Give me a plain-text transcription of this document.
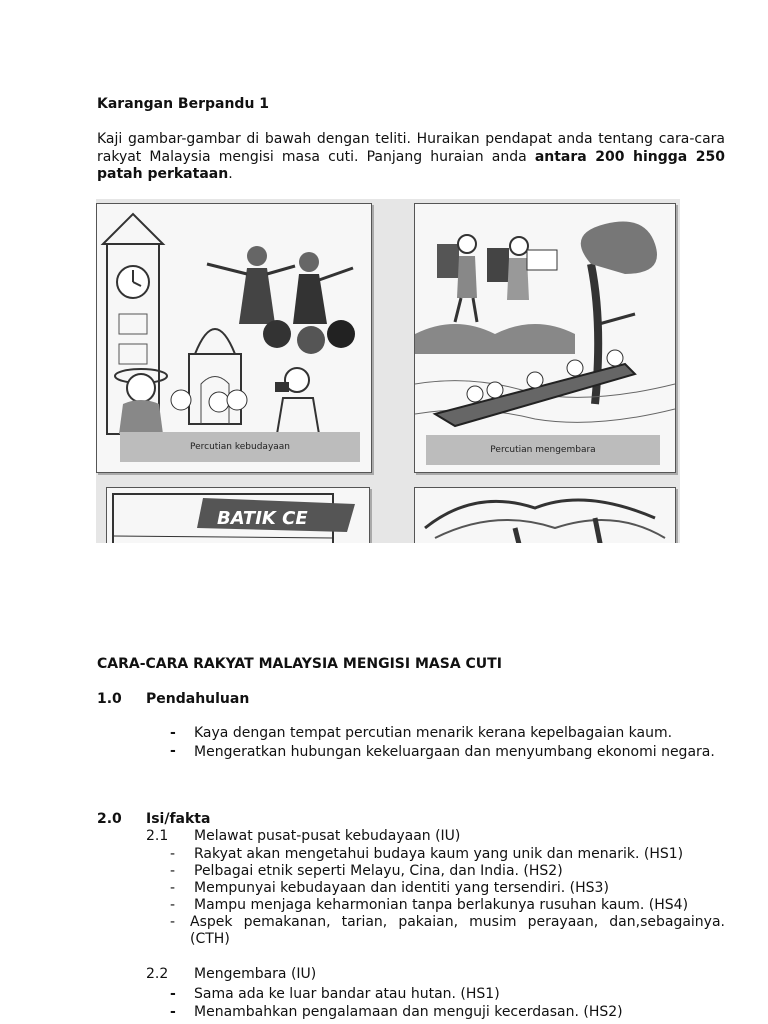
Karangan Berpandu 1
Kaji gambar-gambar di bawah dengan teliti. Huraikan pendapat anda tentang cara-cara rakyat Malaysia mengisi masa cuti. Panjang huraian anda antara 200 hingga 250 patah perkataan.
Percutian kebudayaan	Percutian mengembara
BATIK CE
CARA-CARA RAKYAT MALAYSIA MENGISI MASA CUTI
1.0 Pendahuluan
- Kaya dengan tempat percutian menarik kerana kepelbagaian kaum.
- Mengeratkan hubungan kekeluargaan dan menyumbang ekonomi negara.
2.0 Isi/fakta
2.1 Melawat pusat-pusat kebudayaan (IU)
- Rakyat akan mengetahui budaya kaum yang unik dan menarik. (HS1)
- Pelbagai etnik seperti Melayu, Cina, dan India. (HS2)
- Mempunyai kebudayaan dan identiti yang tersendiri. (HS3)
- Mampu menjaga keharmonian tanpa berlakunya rusuhan kaum. (HS4)
- Aspek pemakanan, tarian, pakaian, musim perayaan, dan,sebagainya. (CTH)
2.2 Mengembara (IU)
- Sama ada ke luar bandar atau hutan. (HS1)
- Menambahkan pengalamaan dan menguji kecerdasan. (HS2)
